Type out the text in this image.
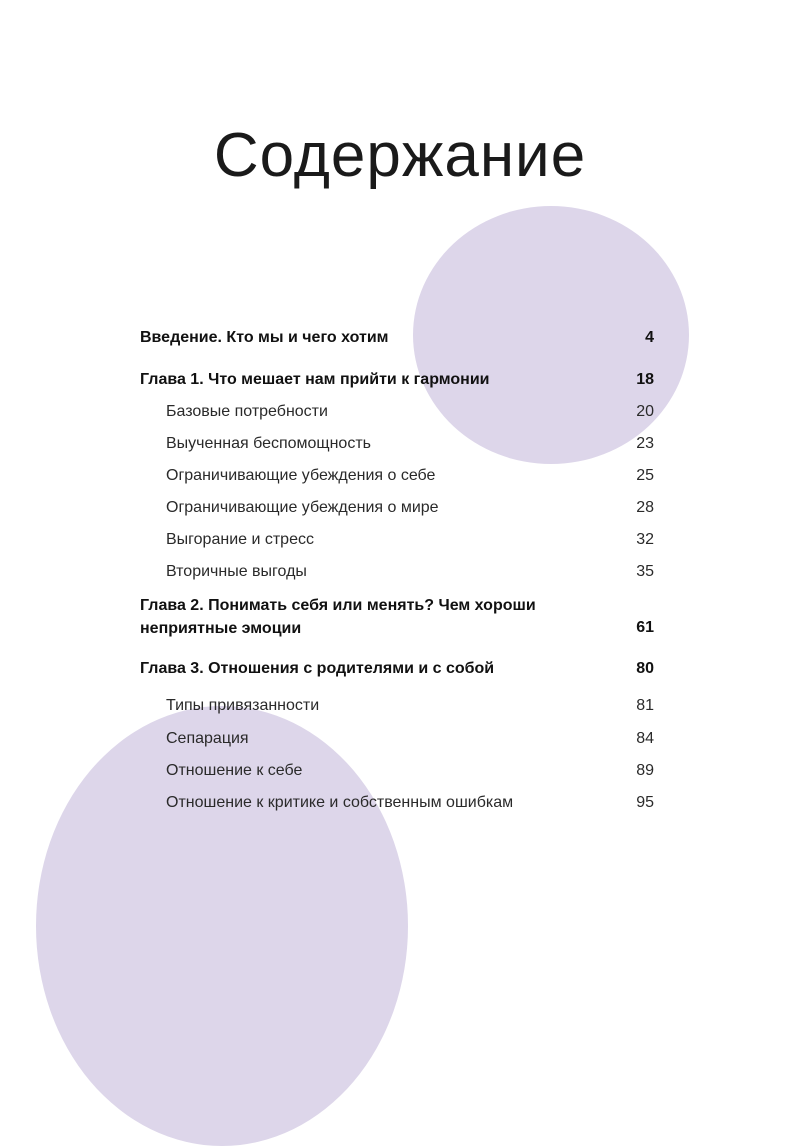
Содержание
Введение. Кто мы и чего хотим	4
Глава 1. Что мешает нам прийти к гармонии	18
Базовые потребности	20
Выученная беспомощность	23
Ограничивающие убеждения о себе	25
Ограничивающие убеждения о мире	28
Выгорание и стресс	32
Вторичные выгоды	35
Глава 2. Понимать себя или менять? Чем хороши неприятные эмоции	61
Глава 3. Отношения с родителями и с собой	80
Типы привязанности	81
Сепарация	84
Отношение к себе	89
Отношение к критике и собственным ошибкам	95
